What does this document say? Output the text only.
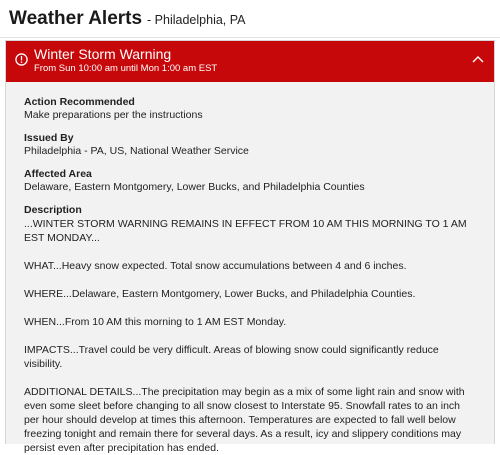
Weather Alerts - Philadelphia, PA
Winter Storm Warning
From Sun 10:00 am until Mon 1:00 am EST
Action Recommended
Make preparations per the instructions
Issued By
Philadelphia - PA, US, National Weather Service
Affected Area
Delaware, Eastern Montgomery, Lower Bucks, and Philadelphia Counties
Description

...WINTER STORM WARNING REMAINS IN EFFECT FROM 10 AM THIS MORNING TO 1 AM EST MONDAY...

WHAT...Heavy snow expected. Total snow accumulations between 4 and 6 inches.

WHERE...Delaware, Eastern Montgomery, Lower Bucks, and Philadelphia Counties.

WHEN...From 10 AM this morning to 1 AM EST Monday.

IMPACTS...Travel could be very difficult. Areas of blowing snow could significantly reduce visibility.

ADDITIONAL DETAILS...The precipitation may begin as a mix of some light rain and snow with even some sleet before changing to all snow closest to Interstate 95. Snowfall rates to an inch per hour should develop at times this afternoon. Temperatures are expected to fall well below freezing tonight and remain there for several days. As a result, icy and slippery conditions may persist even after precipitation has ended.
